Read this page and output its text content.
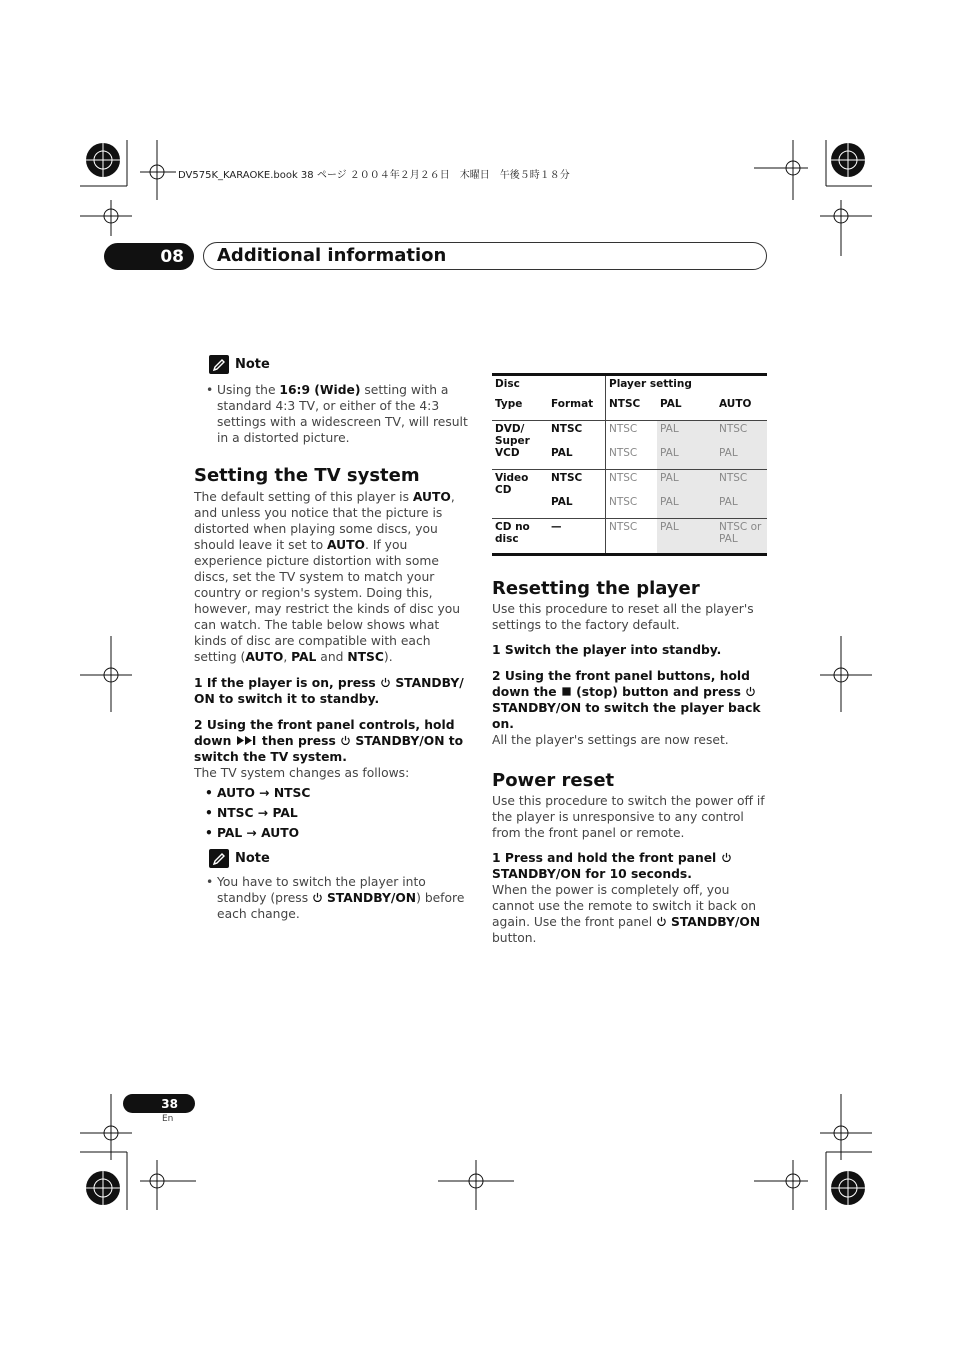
DV575K_KARAOKE.book 38 ページ ２００４年２月２６日　木曜日　午後５時１８分
08	Additional information
Note
• Using the 16:9 (Wide) setting with a standard 4:3 TV, or either of the 4:3 settings with a widescreen TV, will result in a distorted picture.
Setting the TV system
The default setting of this player is AUTO, and unless you notice that the picture is distorted when playing some discs, you should leave it set to AUTO. If you experience picture distortion with some discs, set the TV system to match your country or region's system. Doing this, however, may restrict the kinds of disc you can watch. The table below shows what kinds of disc are compatible with each setting (AUTO, PAL and NTSC).
1 If the player is on, press  STANDBY/ ON to switch it to standby.
2 Using the front panel controls, hold down  then press  STANDBY/ON to switch the TV system.
The TV system changes as follows:
• AUTO → NTSC
• NTSC → PAL
• PAL → AUTO
Note
• You have to switch the player into standby (press  STANDBY/ON) before each change.
Disc		Player setting		
Type	Format	NTSC	PAL	AUTO
DVD/ Super VCD	NTSC	NTSC	PAL	NTSC
	PAL	NTSC	PAL	PAL
Video CD	NTSC	NTSC	PAL	NTSC
	PAL	NTSC	PAL	PAL
CD no disc	—	NTSC	PAL	NTSC or PAL
Resetting the player
Use this procedure to reset all the player's settings to the factory default.
1 Switch the player into standby.
2 Using the front panel buttons, hold down the  (stop) button and press  STANDBY/ON to switch the player back on.
All the player's settings are now reset.
Power reset
Use this procedure to switch the power off if the player is unresponsive to any control from the front panel or remote.
1 Press and hold the front panel  STANDBY/ON for 10 seconds.
When the power is completely off, you cannot use the remote to switch it back on again. Use the front panel  STANDBY/ON button.
38
En
